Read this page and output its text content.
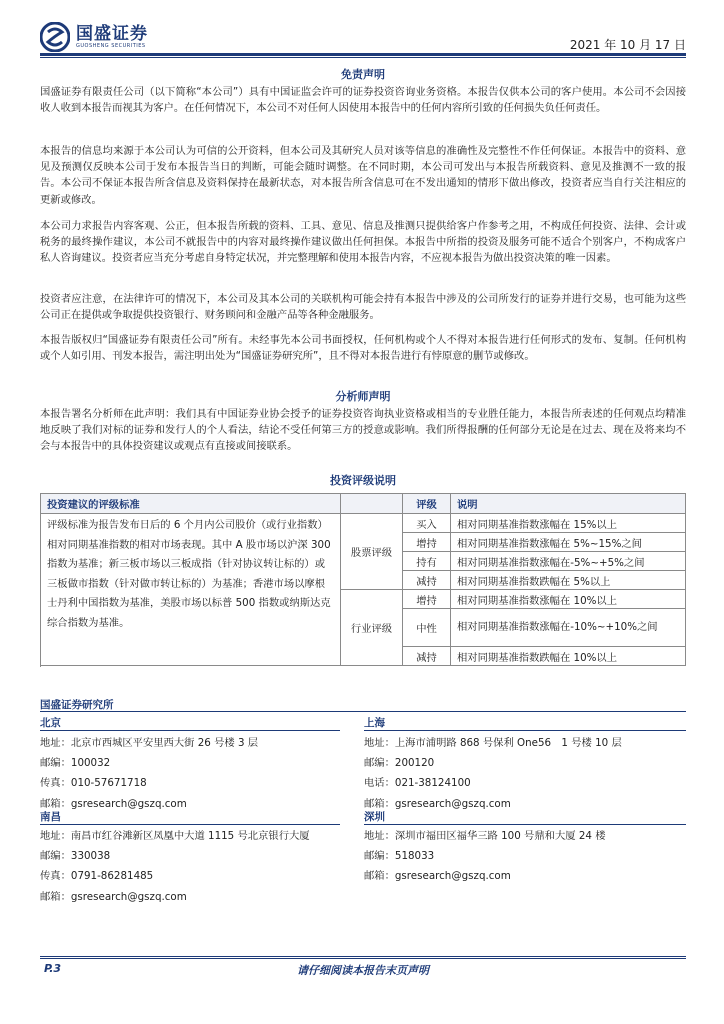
国盛证券
GUOSHENG SECURITIES	2021 年 10 月 17 日
免责声明
国盛证券有限责任公司（以下简称“本公司”）具有中国证监会许可的证券投资咨询业务资格。本报告仅供本公司的客户使用。本公司不会因接收人收到本报告而视其为客户。在任何情况下，本公司不对任何人因使用本报告中的任何内容所引致的任何损失负任何责任。
本报告的信息均来源于本公司认为可信的公开资料，但本公司及其研究人员对该等信息的准确性及完整性不作任何保证。本报告中的资料、意见及预测仅反映本公司于发布本报告当日的判断，可能会随时调整。在不同时期，本公司可发出与本报告所载资料、意见及推测不一致的报告。本公司不保证本报告所含信息及资料保持在最新状态，对本报告所含信息可在不发出通知的情形下做出修改，投资者应当自行关注相应的更新或修改。
本公司力求报告内容客观、公正，但本报告所载的资料、工具、意见、信息及推测只提供给客户作参考之用，不构成任何投资、法律、会计或税务的最终操作建议，本公司不就报告中的内容对最终操作建议做出任何担保。本报告中所指的投资及服务可能不适合个别客户，不构成客户私人咨询建议。投资者应当充分考虑自身特定状况，并完整理解和使用本报告内容，不应视本报告为做出投资决策的唯一因素。
投资者应注意，在法律许可的情况下，本公司及其本公司的关联机构可能会持有本报告中涉及的公司所发行的证券并进行交易，也可能为这些公司正在提供或争取提供投资银行、财务顾问和金融产品等各种金融服务。
本报告版权归“国盛证券有限责任公司”所有。未经事先本公司书面授权，任何机构或个人不得对本报告进行任何形式的发布、复制。任何机构或个人如引用、刊发本报告，需注明出处为“国盛证券研究所”，且不得对本报告进行有悖原意的删节或修改。
分析师声明
本报告署名分析师在此声明：我们具有中国证券业协会授予的证券投资咨询执业资格或相当的专业胜任能力，本报告所表述的任何观点均精准地反映了我们对标的证券和发行人的个人看法，结论不受任何第三方的授意或影响。我们所得报酬的任何部分无论是在过去、现在及将来均不会与本报告中的具体投资建议或观点有直接或间接联系。
投资评级说明
投资建议的评级标准		评级	说明
评级标准为报告发布日后的 6 个月内公司股价（或行业指数）相对同期基准指数的相对市场表现。其中 A 股市场以沪深 300 指数为基准；新三板市场以三板成指（针对协议转让标的）或三板做市指数（针对做市转让标的）为基准；香港市场以摩根士丹利中国指数为基准，美股市场以标普 500 指数或纳斯达克综合指数为基准。	股票评级	买入	相对同期基准指数涨幅在 15%以上
		增持	相对同期基准指数涨幅在 5%~15%之间
		持有	相对同期基准指数涨幅在-5%~+5%之间
		减持	相对同期基准指数跌幅在 5%以上
	行业评级	增持	相对同期基准指数涨幅在 10%以上
		中性	相对同期基准指数涨幅在-10%~+10%之间
		减持	相对同期基准指数跌幅在 10%以上

国盛证券研究所
北京
地址：北京市西城区平安里西大街 26 号楼 3 层
邮编：100032
传真：010-57671718
邮箱：gsresearch@gszq.com
上海
地址：上海市浦明路 868 号保利 One56　1 号楼 10 层
邮编：200120
电话：021-38124100
邮箱：gsresearch@gszq.com
南昌
地址：南昌市红谷滩新区凤凰中大道 1115 号北京银行大厦
邮编：330038
传真：0791-86281485
邮箱：gsresearch@gszq.com
深圳
地址：深圳市福田区福华三路 100 号鼎和大厦 24 楼
邮编：518033
邮箱：gsresearch@gszq.com
P.3	请仔细阅读本报告末页声明
